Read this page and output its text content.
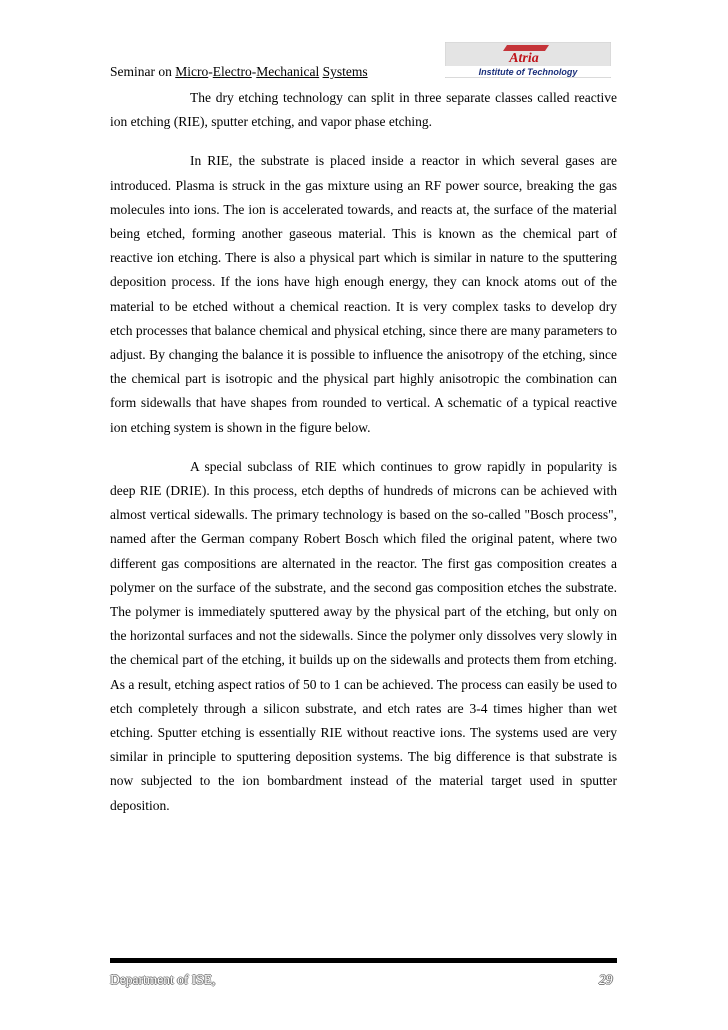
Seminar on Micro-Electro-Mechanical Systems
Atria
Institute of Technology

The dry etching technology can split in three separate classes called reactive ion etching (RIE), sputter etching, and vapor phase etching.

In RIE, the substrate is placed inside a reactor in which several gases are introduced. Plasma is struck in the gas mixture using an RF power source, breaking the gas molecules into ions. The ion is accelerated towards, and reacts at, the surface of the material being etched, forming another gaseous material. This is known as the chemical part of reactive ion etching. There is also a physical part which is similar in nature to the sputtering deposition process. If the ions have high enough energy, they can knock atoms out of the material to be etched without a chemical reaction. It is very complex tasks to develop dry etch processes that balance chemical and physical etching, since there are many parameters to adjust. By changing the balance it is possible to influence the anisotropy of the etching, since the chemical part is isotropic and the physical part highly anisotropic the combination can form sidewalls that have shapes from rounded to vertical. A schematic of a typical reactive ion etching system is shown in the figure below.

A special subclass of RIE which continues to grow rapidly in popularity is deep RIE (DRIE). In this process, etch depths of hundreds of microns can be achieved with almost vertical sidewalls. The primary technology is based on the so-called "Bosch process", named after the German company Robert Bosch which filed the original patent, where two different gas compositions are alternated in the reactor. The first gas composition creates a polymer on the surface of the substrate, and the second gas composition etches the substrate. The polymer is immediately sputtered away by the physical part of the etching, but only on the horizontal surfaces and not the sidewalls. Since the polymer only dissolves very slowly in the chemical part of the etching, it builds up on the sidewalls and protects them from etching. As a result, etching aspect ratios of 50 to 1 can be achieved. The process can easily be used to etch completely through a silicon substrate, and etch rates are 3-4 times higher than wet etching. Sputter etching is essentially RIE without reactive ions. The systems used are very similar in principle to sputtering deposition systems. The big difference is that substrate is now subjected to the ion bombardment instead of the material target used in sputter deposition.

Department of ISE,	29
